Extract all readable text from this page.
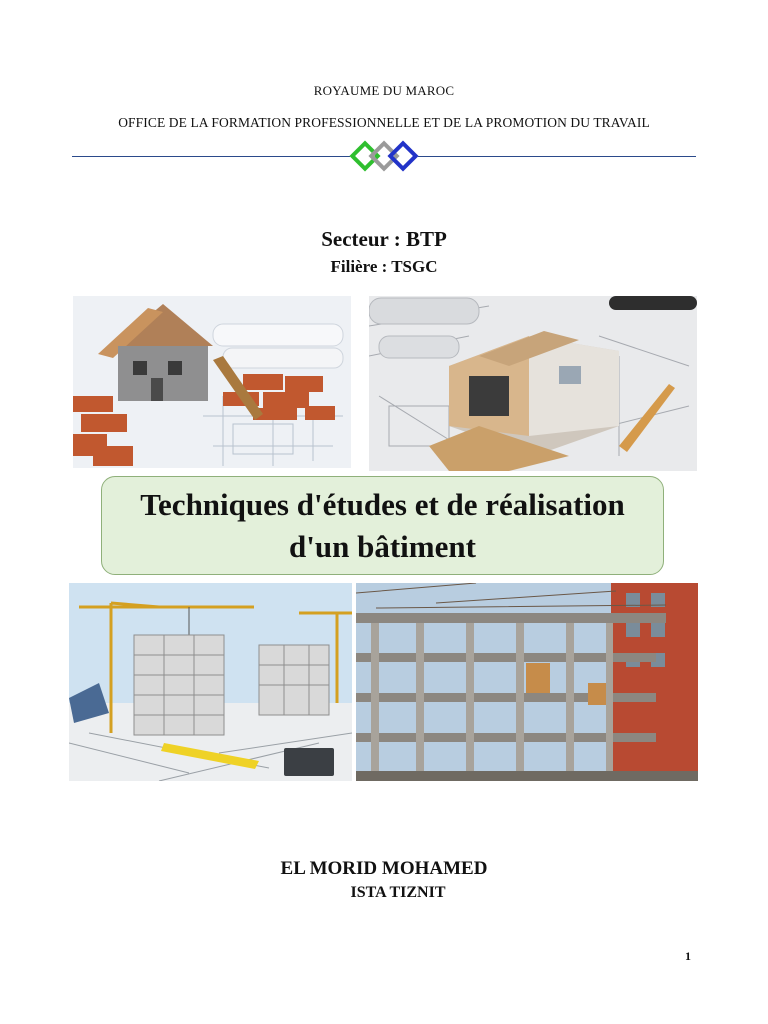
ROYAUME DU MAROC
OFFICE DE LA FORMATION PROFESSIONNELLE ET DE LA PROMOTION DU TRAVAIL
Secteur : BTP
Filière : TSGC
Techniques d'études et de réalisation
d'un bâtiment
EL MORID MOHAMED
ISTA TIZNIT
1
